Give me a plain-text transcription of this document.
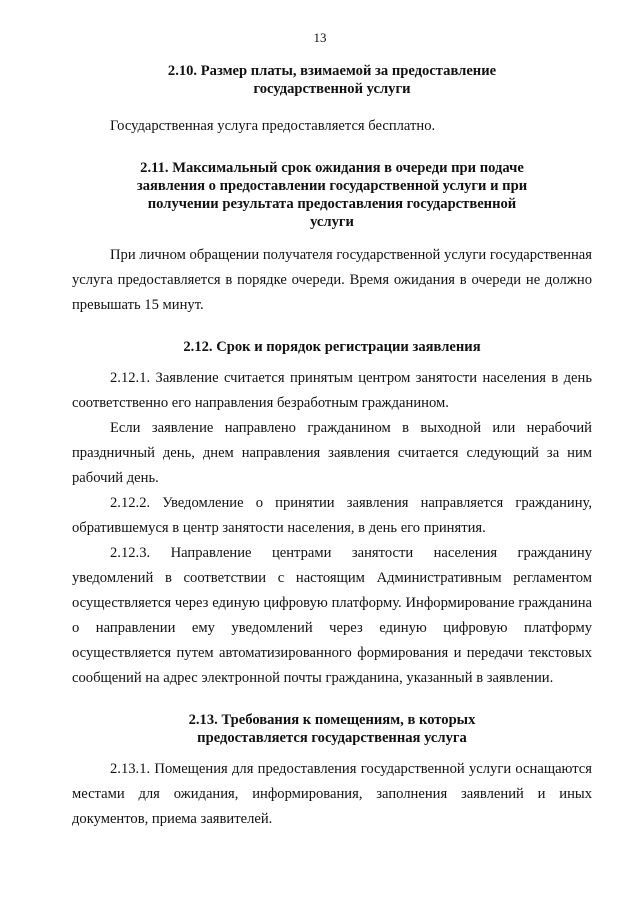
13

2.10. Размер платы, взимаемой за предоставление государственной услуги

Государственная услуга предоставляется бесплатно.

2.11. Максимальный срок ожидания в очереди при подаче заявления о предоставлении государственной услуги и при получении результата предоставления государственной услуги

При личном обращении получателя государственной услуги государственная услуга предоставляется в порядке очереди. Время ожидания в очереди не должно превышать 15 минут.

2.12. Срок и порядок регистрации заявления

2.12.1. Заявление считается принятым центром занятости населения в день соответственно его направления безработным гражданином.

Если заявление направлено гражданином в выходной или нерабочий праздничный день, днем направления заявления считается следующий за ним рабочий день.

2.12.2. Уведомление о принятии заявления направляется гражданину, обратившемуся в центр занятости населения, в день его принятия.

2.12.3. Направление центрами занятости населения гражданину уведомлений в соответствии с настоящим Административным регламентом осуществляется через единую цифровую платформу. Информирование гражданина о направлении ему уведомлений через единую цифровую платформу осуществляется путем автоматизированного формирования и передачи текстовых сообщений на адрес электронной почты гражданина, указанный в заявлении.

2.13. Требования к помещениям, в которых предоставляется государственная услуга

2.13.1. Помещения для предоставления государственной услуги оснащаются местами для ожидания, информирования, заполнения заявлений и иных документов, приема заявителей.
